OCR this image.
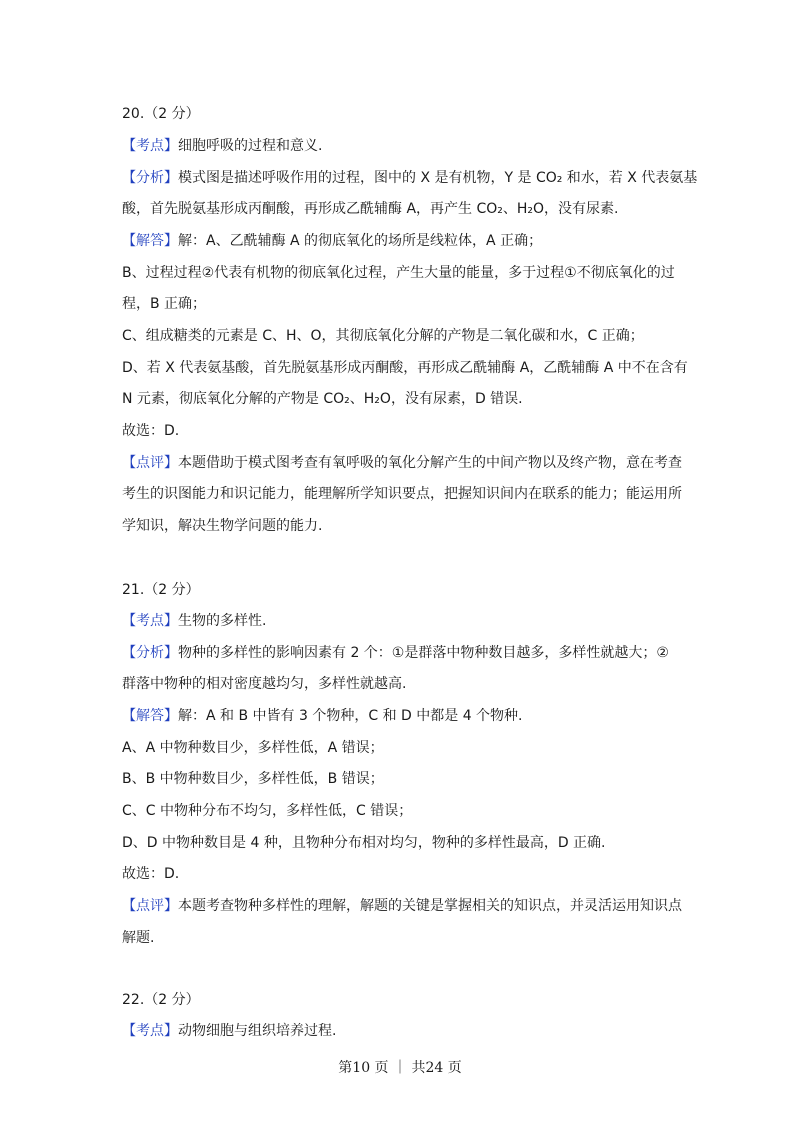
20.（2 分）
【考点】细胞呼吸的过程和意义.
【分析】模式图是描述呼吸作用的过程，图中的 X 是有机物，Y 是 CO₂ 和水，若 X 代表氨基
酸，首先脱氨基形成丙酮酸，再形成乙酰辅酶 A，再产生 CO₂、H₂O，没有尿素.
【解答】解：A、乙酰辅酶 A 的彻底氧化的场所是线粒体，A 正确；
B、过程过程②代表有机物的彻底氧化过程，产生大量的能量，多于过程①不彻底氧化的过
程，B 正确；
C、组成糖类的元素是 C、H、O，其彻底氧化分解的产物是二氧化碳和水，C 正确；
D、若 X 代表氨基酸，首先脱氨基形成丙酮酸，再形成乙酰辅酶 A，乙酰辅酶 A 中不在含有
N 元素，彻底氧化分解的产物是 CO₂、H₂O，没有尿素，D 错误.
故选：D.
【点评】本题借助于模式图考查有氧呼吸的氧化分解产生的中间产物以及终产物，意在考查
考生的识图能力和识记能力，能理解所学知识要点，把握知识间内在联系的能力；能运用所
学知识，解决生物学问题的能力.
21.（2 分）
【考点】生物的多样性.
【分析】物种的多样性的影响因素有 2 个：①是群落中物种数目越多，多样性就越大；②
群落中物种的相对密度越均匀，多样性就越高.
【解答】解：A 和 B 中皆有 3 个物种，C 和 D 中都是 4 个物种.
A、A 中物种数目少，多样性低，A 错误；
B、B 中物种数目少，多样性低，B 错误；
C、C 中物种分布不均匀，多样性低，C 错误；
D、D 中物种数目是 4 种，且物种分布相对均匀，物种的多样性最高，D 正确.
故选：D.
【点评】本题考查物种多样性的理解，解题的关键是掌握相关的知识点，并灵活运用知识点
解题.
22.（2 分）
【考点】动物细胞与组织培养过程.
第10 页 ｜ 共24 页
